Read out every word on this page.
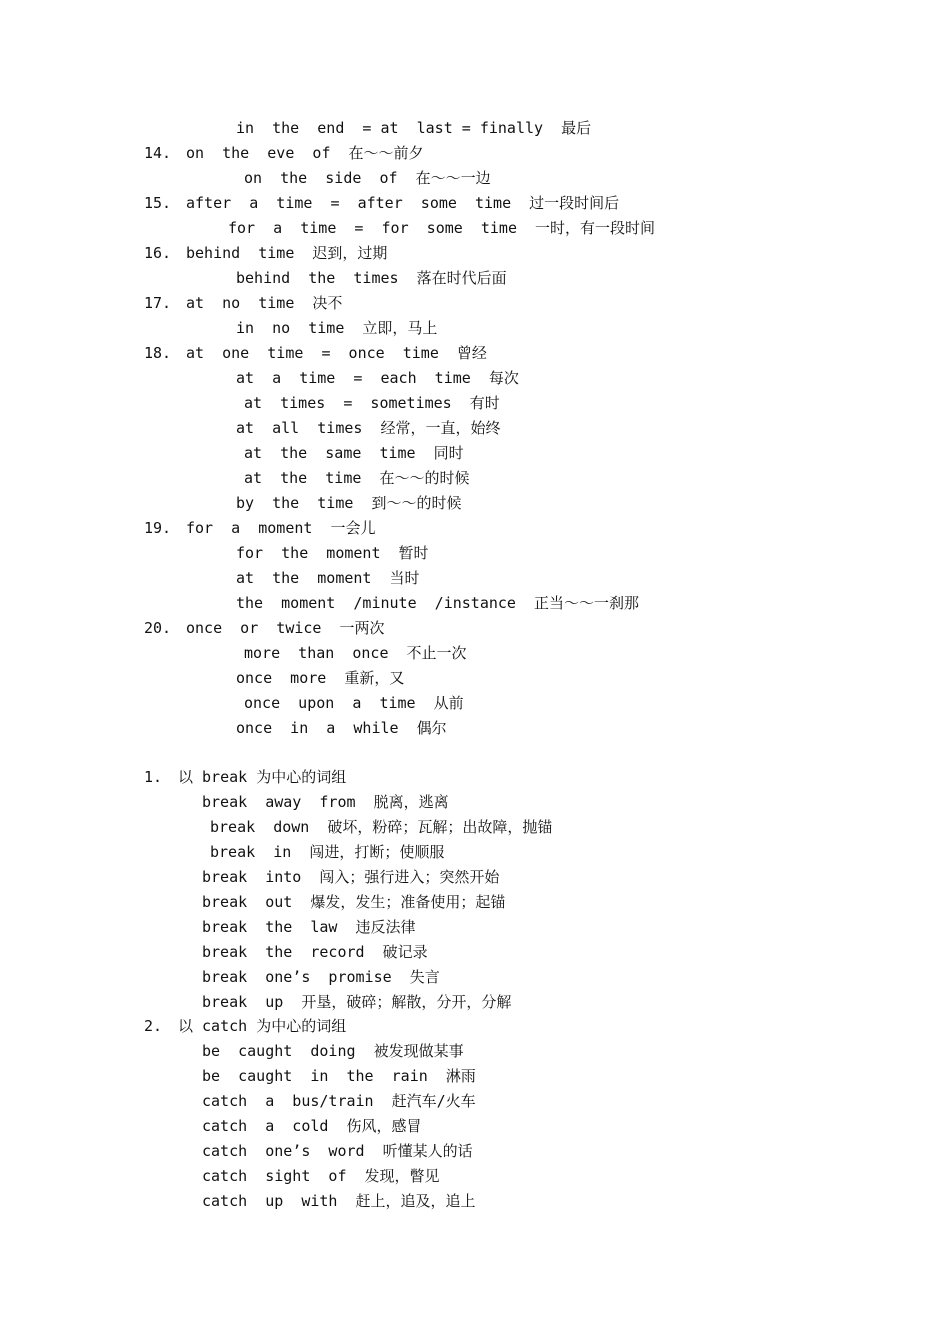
in  the  end  = at  last = finally  最后
14. on  the  eve  of  在～～前夕
on  the  side  of  在～～一边
15. after  a  time  =  after  some  time  过一段时间后
for  a  time  =  for  some  time  一时，有一段时间
16. behind  time  迟到，过期
behind  the  times  落在时代后面
17. at  no  time  决不
in  no  time  立即，马上
18. at  one  time  =  once  time  曾经
at  a  time  =  each  time  每次
at  times  =  sometimes  有时
at  all  times  经常，一直，始终
at  the  same  time  同时
at  the  time  在～～的时候
by  the  time  到～～的时候
19. for  a  moment  一会儿
for  the  moment  暂时
at  the  moment  当时
the  moment  /minute  /instance  正当～～一刹那
20. once  or  twice  一两次
more  than  once  不止一次
once  more  重新，又
once  upon  a  time  从前
once  in  a  while  偶尔
1. 以 break 为中心的词组
break  away  from  脱离，逃离
break  down  破坏，粉碎；瓦解；出故障，抛锚
break  in  闯进，打断；使顺服
break  into  闯入；强行进入；突然开始
break  out  爆发，发生；准备使用；起锚
break  the  law  违反法律
break  the  record  破记录
break  one’s  promise  失言
break  up  开垦，破碎；解散，分开，分解
2. 以 catch 为中心的词组
be  caught  doing  被发现做某事
be  caught  in  the  rain  淋雨
catch  a  bus/train  赶汽车/火车
catch  a  cold  伤风，感冒
catch  one’s  word  听懂某人的话
catch  sight  of  发现，瞥见
catch  up  with  赶上，追及，追上
